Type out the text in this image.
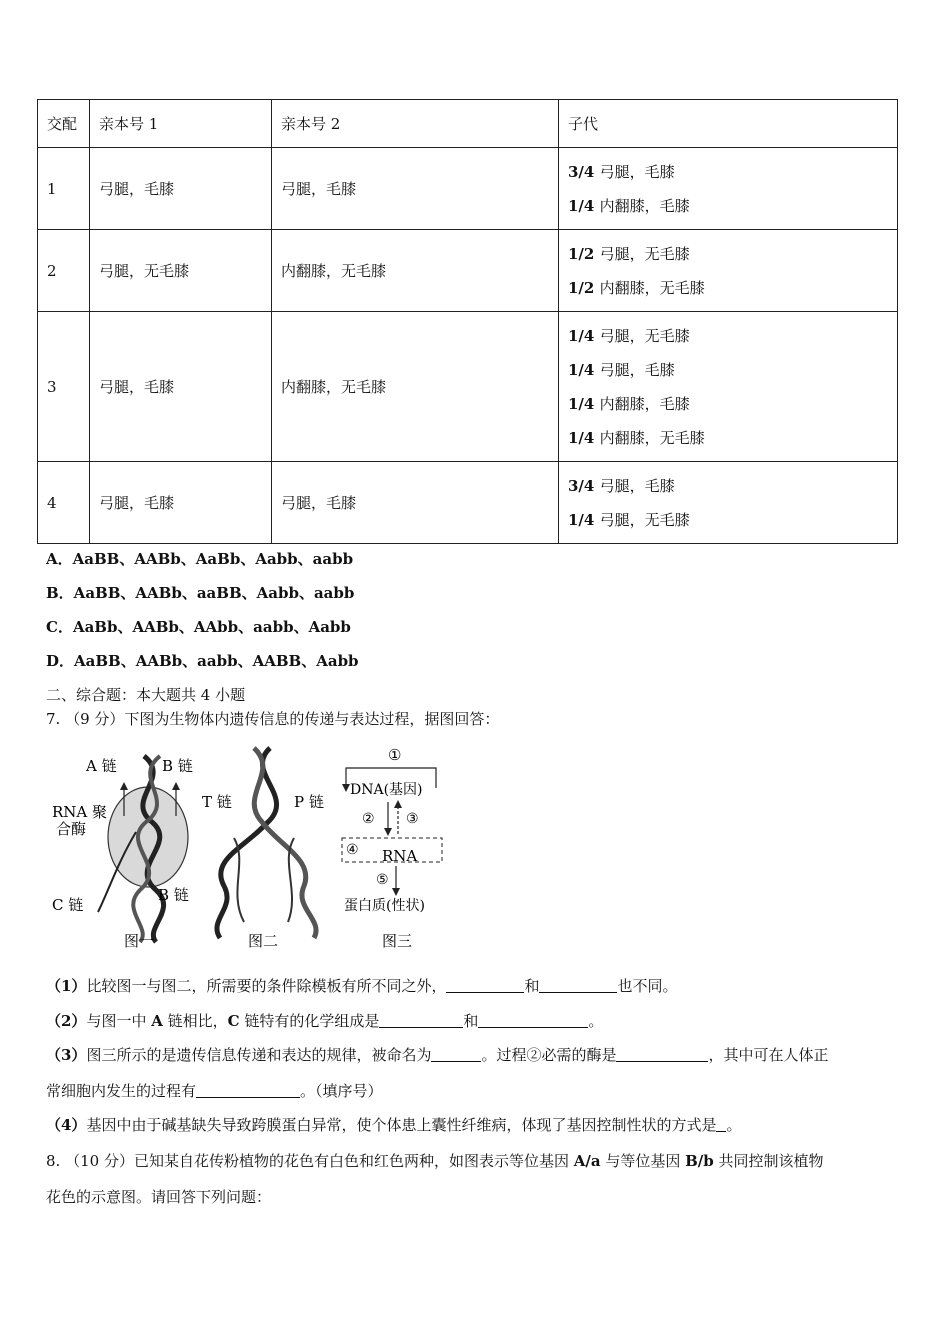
交配	亲本号 1	亲本号 2	子代
1	弓腿，毛膝	弓腿，毛膝	3/4 弓腿，毛膝
1/4 内翻膝，毛膝

2	弓腿，无毛膝	内翻膝，无毛膝	1/2 弓腿，无毛膝
1/2 内翻膝，无毛膝

3	弓腿，毛膝	内翻膝，无毛膝	1/4 弓腿，无毛膝
1/4 弓腿，毛膝
1/4 内翻膝，毛膝
1/4 内翻膝，无毛膝

4	弓腿，毛膝	弓腿，毛膝	3/4 弓腿，毛膝
1/4 弓腿，无毛膝
A．AaBB、AABb、AaBb、Aabb、aabb
B．AaBB、AABb、aaBB、Aabb、aabb
C．AaBb、AABb、AAbb、aabb、Aabb
D．AaBB、AABb、aabb、AABB、Aabb
二、综合题：本大题共 4 小题
7. （9 分）下图为生物体内遗传信息的传递与表达过程，据图回答：
A 链	B 链
RNA 聚
合酶
C 链
B 链
图一
T 链	P 链
图二
①
DNA(基因)
② ③
④ RNA
⑤
蛋白质(性状)
图三
（1）比较图一与图二，所需要的条件除模板有所不同之外，	和	也不同。
（2）与图一中 A 链相比，C 链特有的化学组成是	和	。
（3）图三所示的是遗传信息传递和表达的规律，被命名为	。过程②必需的酶是	，其中可在人体正
常细胞内发生的过程有	。（填序号）
（4）基因中由于碱基缺失导致跨膜蛋白异常，使个体患上囊性纤维病，体现了基因控制性状的方式是 。
8. （10 分）已知某自花传粉植物的花色有白色和红色两种，如图表示等位基因 A/a 与等位基因 B/b 共同控制该植物
花色的示意图。请回答下列问题：
